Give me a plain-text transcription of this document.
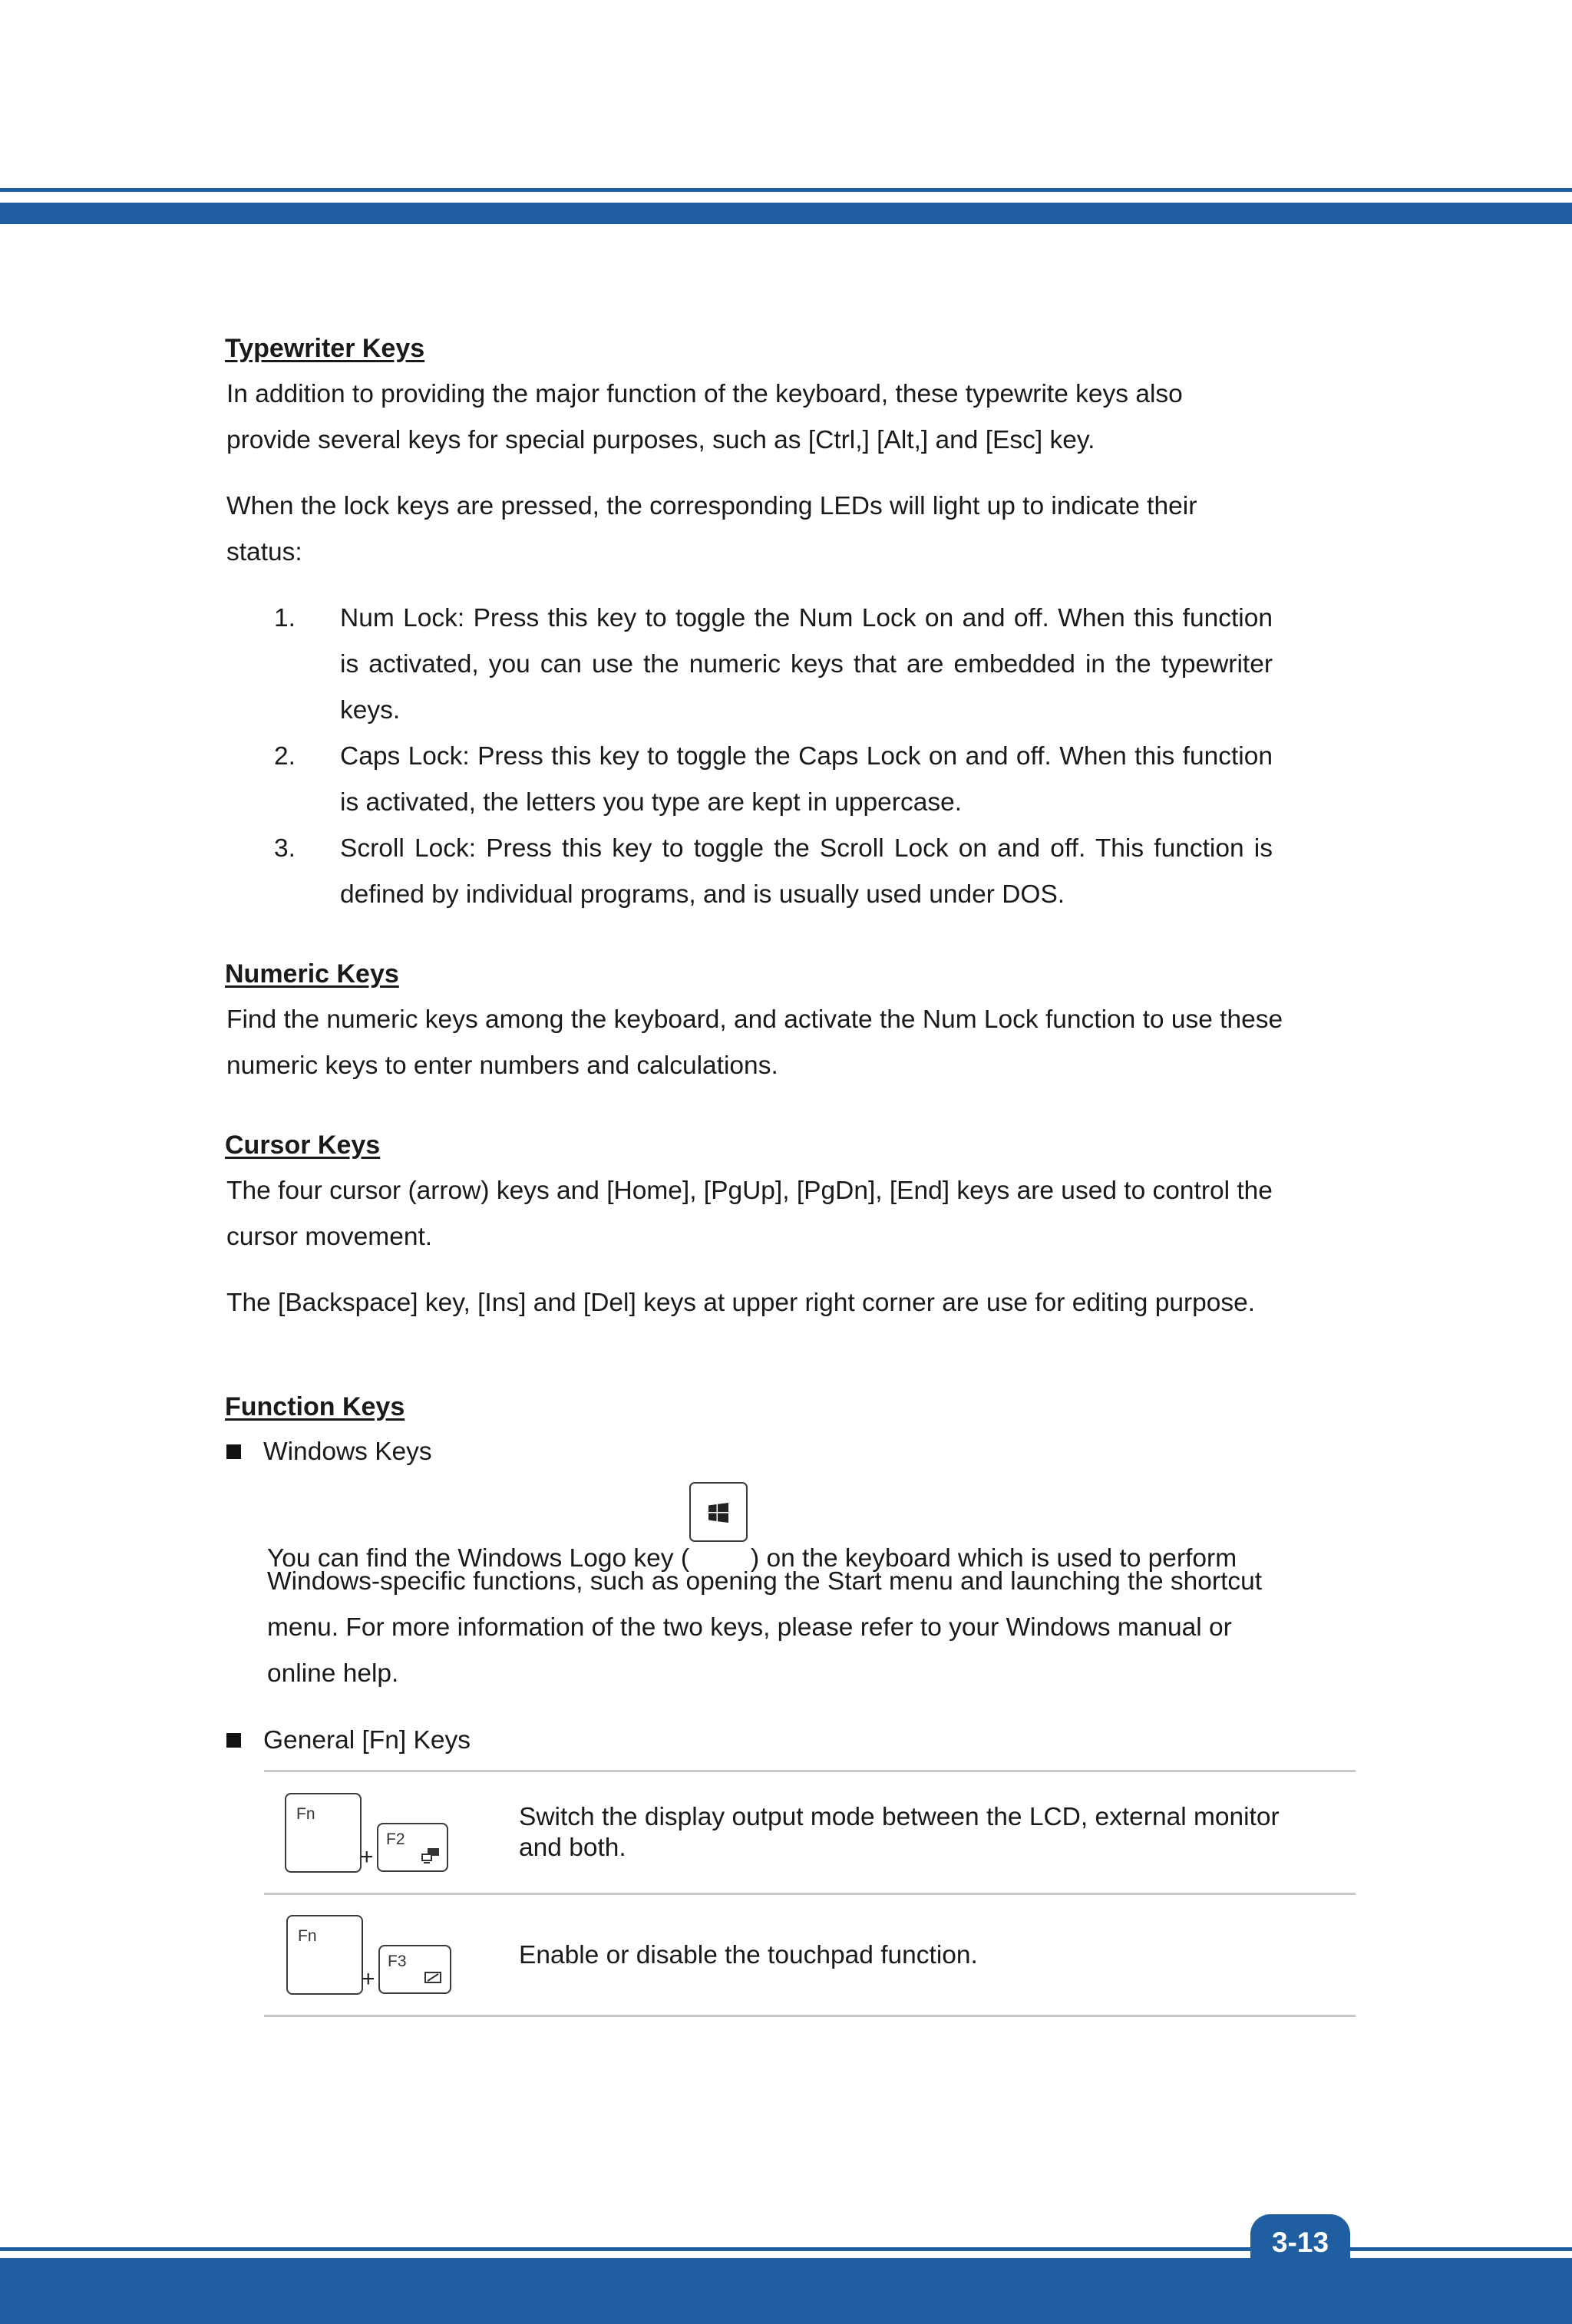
Typewriter Keys
In addition to providing the major function of the keyboard, these typewrite keys also
provide several keys for special purposes, such as [Ctrl,] [Alt,] and [Esc] key.
When the lock keys are pressed, the corresponding LEDs will light up to indicate their
status:
1. Num Lock: Press this key to toggle the Num Lock on and off. When this function is activated, you can use the numeric keys that are embedded in the typewriter keys.
2. Caps Lock: Press this key to toggle the Caps Lock on and off. When this function is activated, the letters you type are kept in uppercase.
3. Scroll Lock: Press this key to toggle the Scroll Lock on and off. This function is defined by individual programs, and is usually used under DOS.
Numeric Keys
Find the numeric keys among the keyboard, and activate the Num Lock function to use these
numeric keys to enter numbers and calculations.
Cursor Keys
The four cursor (arrow) keys and [Home], [PgUp], [PgDn], [End] keys are used to control the
cursor movement.
The [Backspace] key, [Ins] and [Del] keys at upper right corner are use for editing purpose.
Function Keys
Windows Keys
You can find the Windows Logo key ( ) on the keyboard which is used to perform
Windows-specific functions, such as opening the Start menu and launching the shortcut
menu. For more information of the two keys, please refer to your Windows manual or
online help.
General [Fn] Keys
Fn
+
F2
Switch the display output mode between the LCD, external monitor
and both.
Fn
+
F3	Enable or disable the touchpad function.
3-13
